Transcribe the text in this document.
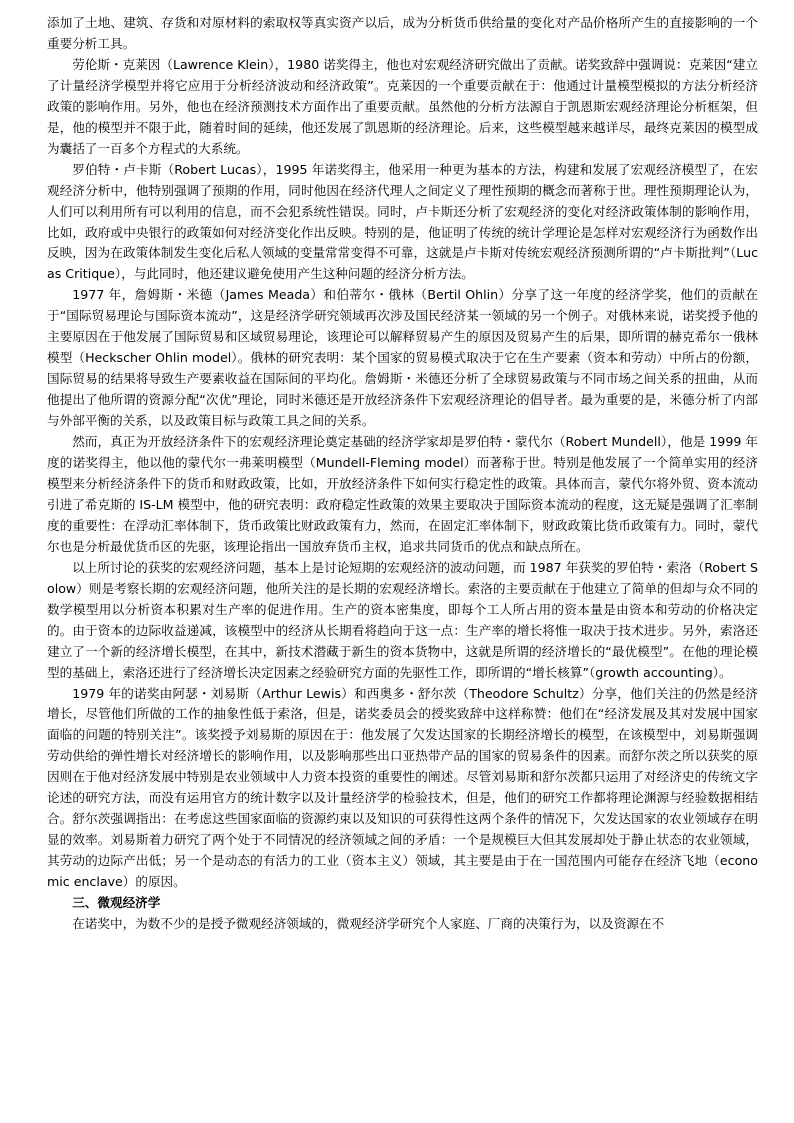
添加了土地、建筑、存货和对原材料的索取权等真实资产以后，成为分析货币供给量的变化对产品价格所产生的直接影响的一个重要分析工具。

劳伦斯・克莱因（Lawrence Klein），1980 诺奖得主，他也对宏观经济研究做出了贡献。诺奖致辞中强调说：克莱因“建立了计量经济学模型并将它应用于分析经济波动和经济政策”。克莱因的一个重要贡献在于：他通过计量模型模拟的方法分析经济政策的影响作用。另外，他也在经济预测技术方面作出了重要贡献。虽然他的分析方法源自于凯恩斯宏观经济理论分析框架，但是，他的模型并不限于此，随着时间的延续，他还发展了凯恩斯的经济理论。后来，这些模型越来越详尽，最终克莱因的模型成为囊括了一百多个方程式的大系统。

罗伯特・卢卡斯（Robert Lucas），1995 年诺奖得主，他采用一种更为基本的方法，构建和发展了宏观经济模型了，在宏观经济分析中，他特别强调了预期的作用，同时他因在经济代理人之间定义了理性预期的概念而著称于世。理性预期理论认为，人们可以利用所有可以利用的信息，而不会犯系统性错误。同时，卢卡斯还分析了宏观经济的变化对经济政策体制的影响作用，比如，政府或中央银行的政策如何对经济变化作出反映。特别的是，他证明了传统的统计学理论是怎样对宏观经济行为函数作出反映，因为在政策体制发生变化后私人领域的变量常常变得不可靠，这就是卢卡斯对传统宏观经济预测所谓的“卢卡斯批判”（Lucas Critique），与此同时，他还建议避免使用产生这种问题的经济分析方法。

1977 年，詹姆斯・米德（James Meada）和伯蒂尔・俄林（Bertil Ohlin）分享了这一年度的经济学奖，他们的贡献在于“国际贸易理论与国际资本流动”，这是经济学研究领域再次涉及国民经济某一领域的另一个例子。对俄林来说，诺奖授予他的主要原因在于他发展了国际贸易和区域贸易理论，该理论可以解释贸易产生的原因及贸易产生的后果，即所谓的赫克希尔一俄林模型（Heckscher Ohlin model）。俄林的研究表明：某个国家的贸易模式取决于它在生产要素（资本和劳动）中所占的份额，国际贸易的结果将导致生产要素收益在国际间的平均化。詹姆斯・米德还分析了全球贸易政策与不同市场之间关系的扭曲，从而他提出了他所谓的资源分配“次优”理论，同时米德还是开放经济条件下宏观经济理论的倡导者。最为重要的是，米德分析了内部与外部平衡的关系，以及政策目标与政策工具之间的关系。

然而，真正为开放经济条件下的宏观经济理论奠定基础的经济学家却是罗伯特・蒙代尔（Robert Mundell），他是 1999 年度的诺奖得主，他以他的蒙代尔一弗莱明模型（Mundell-Fleming model）而著称于世。特别是他发展了一个简单实用的经济模型来分析经济条件下的货币和财政政策，比如，开放经济条件下如何实行稳定性的政策。具体而言，蒙代尔将外贸、资本流动引进了希克斯的 IS-LM 模型中，他的研究表明：政府稳定性政策的效果主要取决于国际资本流动的程度，这无疑是强调了汇率制度的重要性：在浮动汇率体制下，货币政策比财政政策有力，然而，在固定汇率体制下，财政政策比货币政策有力。同时，蒙代尔也是分析最优货币区的先驱，该理论指出一国放弃货币主权，追求共同货币的优点和缺点所在。

以上所讨论的获奖的宏观经济问题，基本上是讨论短期的宏观经济的波动问题，而 1987 年获奖的罗伯特・索洛（Robert Solow）则是考察长期的宏观经济问题，他所关注的是长期的宏观经济增长。索洛的主要贡献在于他建立了简单的但却与众不同的数学模型用以分析资本积累对生产率的促进作用。生产的资本密集度，即每个工人所占用的资本量是由资本和劳动的价格决定的。由于资本的边际收益递减，该模型中的经济从长期看将趋向于这一点：生产率的增长将惟一取决于技术进步。另外，索洛还建立了一个新的经济增长模型，在其中，新技术潜藏于新生的资本货物中，这就是所谓的经济增长的“最优模型”。在他的理论模型的基础上，索洛还进行了经济增长决定因素之经验研究方面的先驱性工作，即所谓的“增长核算”（growth accounting）。

1979 年的诺奖由阿瑟・刘易斯（Arthur Lewis）和西奥多・舒尔茨（Theodore Schultz）分享，他们关注的仍然是经济增长，尽管他们所做的工作的抽象性低于索洛，但是，诺奖委员会的授奖致辞中这样称赞：他们在“经济发展及其对发展中国家面临的问题的特别关注”。该奖授予刘易斯的原因在于：他发展了欠发达国家的长期经济增长的模型，在该模型中，刘易斯强调劳动供给的弹性增长对经济增长的影响作用，以及影响那些出口亚热带产品的国家的贸易条件的因素。而舒尔茨之所以获奖的原因则在于他对经济发展中特别是农业领域中人力资本投资的重要性的阐述。尽管刘易斯和舒尔茨都只运用了对经济史的传统文字论述的研究方法，而没有运用官方的统计数字以及计量经济学的检验技术，但是，他们的研究工作都将理论渊源与经验数据相结合。舒尔茨强调指出：在考虑这些国家面临的资源约束以及知识的可获得性这两个条件的情况下，欠发达国家的农业领域存在明显的效率。刘易斯着力研究了两个处于不同情况的经济领域之间的矛盾：一个是规模巨大但其发展却处于静止状态的农业领域，其劳动的边际产出低；另一个是动态的有活力的工业（资本主义）领域，其主要是由于在一国范围内可能存在经济飞地（economic enclave）的原因。

三、微观经济学

在诺奖中，为数不少的是授予微观经济领域的，微观经济学研究个人家庭、厂商的决策行为，以及资源在不
